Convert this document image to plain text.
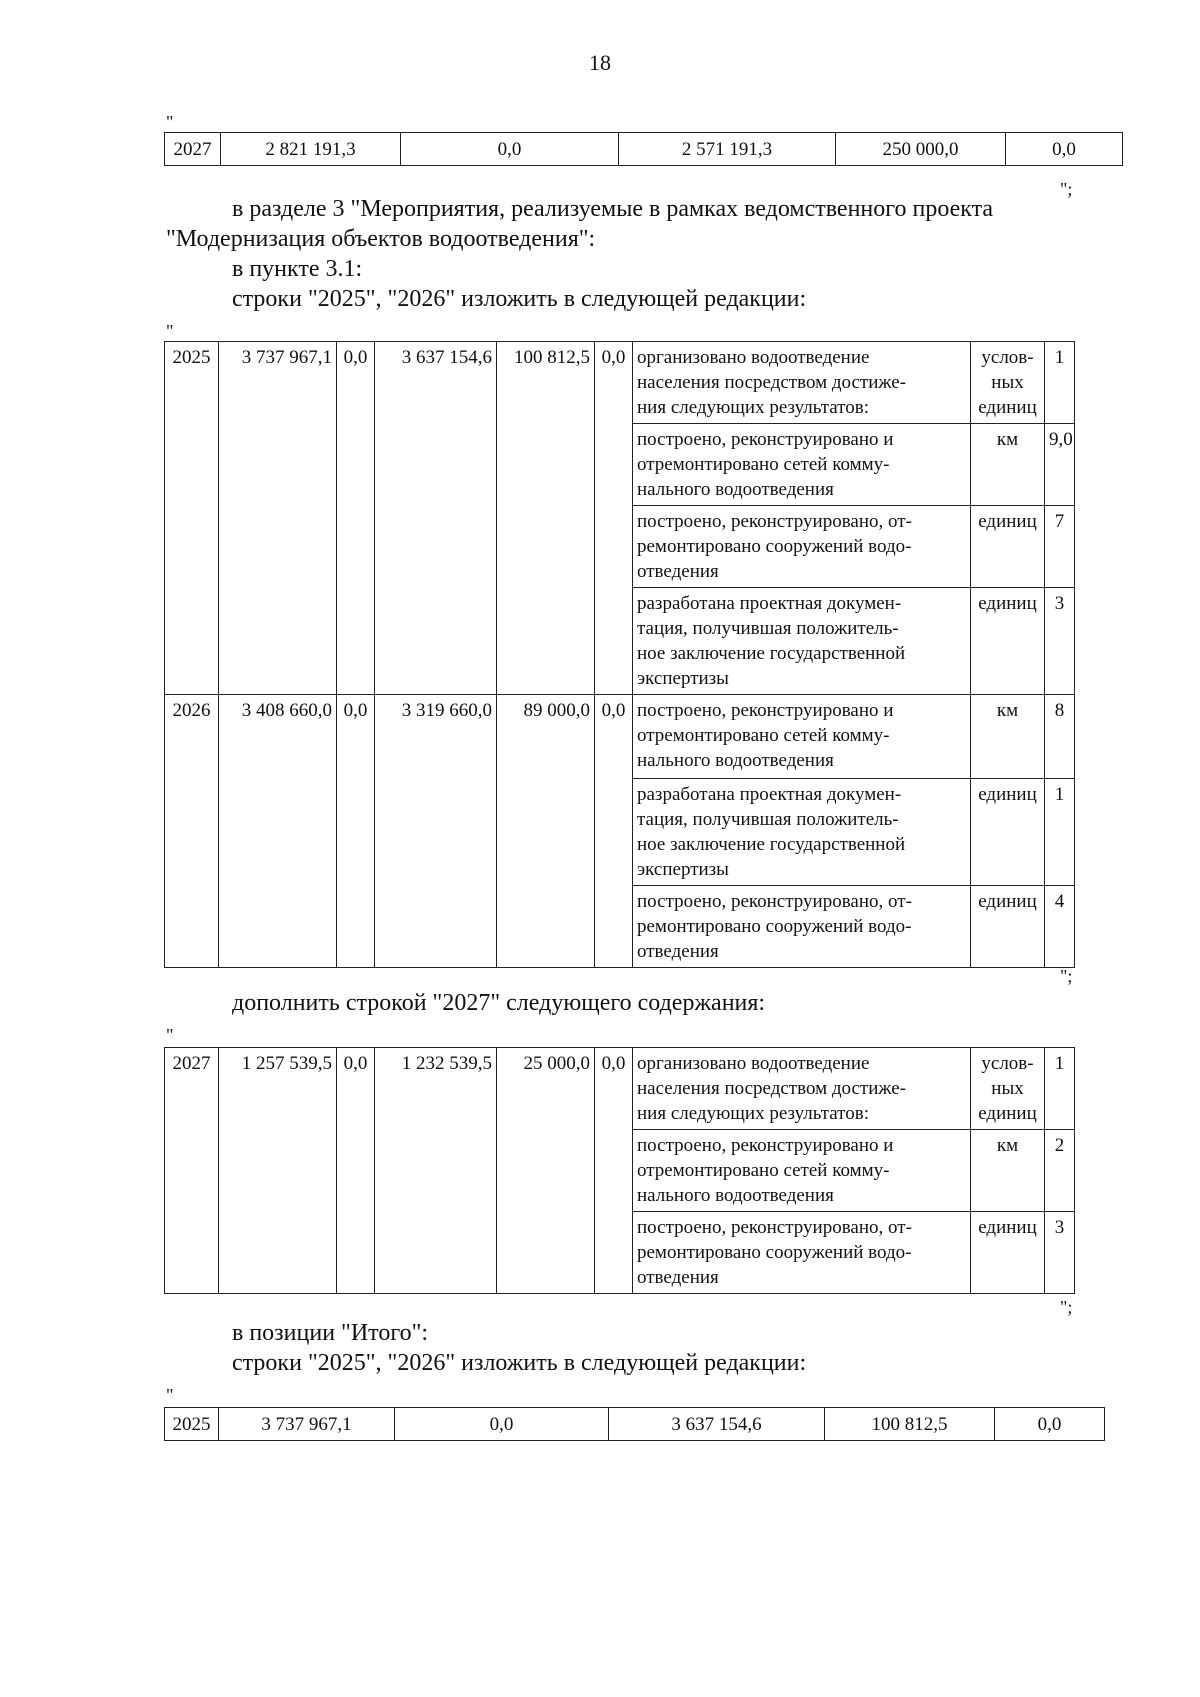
18
"
2027	2 821 191,3	0,0	2 571 191,3	250 000,0	0,0
";
в разделе 3 "Мероприятия, реализуемые в рамках ведомственного проекта
"Модернизация объектов водоотведения":
в пункте 3.1:
строки "2025", "2026" изложить в следующей редакции:
"
2025	3 737 967,1	0,0	3 637 154,6	100 812,5	0,0	организовано водоотведение
населения посредством достиже-
ния следующих результатов:	услов-
ных
единиц	1

						построено, реконструировано и
отремонтировано сетей комму-
нального водоотведения	км	9,0

						построено, реконструировано, от-
ремонтировано сооружений водо-
отведения	единиц	7

						разработана проектная докумен-
тация, получившая положитель-
ное заключение государственной
экспертизы	единиц	3
2026	3 408 660,0	0,0	3 319 660,0	89 000,0	0,0	построено, реконструировано и
отремонтировано сетей комму-
нального водоотведения	км	8

						разработана проектная докумен-
тация, получившая положитель-
ное заключение государственной
экспертизы	единиц	1

						построено, реконструировано, от-
ремонтировано сооружений водо-
отведения	единиц	4
";
дополнить строкой "2027" следующего содержания:
"
2027	1 257 539,5	0,0	1 232 539,5	25 000,0	0,0	организовано водоотведение
населения посредством достиже-
ния следующих результатов:	услов-
ных
единиц	1

						построено, реконструировано и
отремонтировано сетей комму-
нального водоотведения	км	2

						построено, реконструировано, от-
ремонтировано сооружений водо-
отведения	единиц	3
";
в позиции "Итого":
строки "2025", "2026" изложить в следующей редакции:
"
2025	3 737 967,1	0,0	3 637 154,6	100 812,5	0,0
